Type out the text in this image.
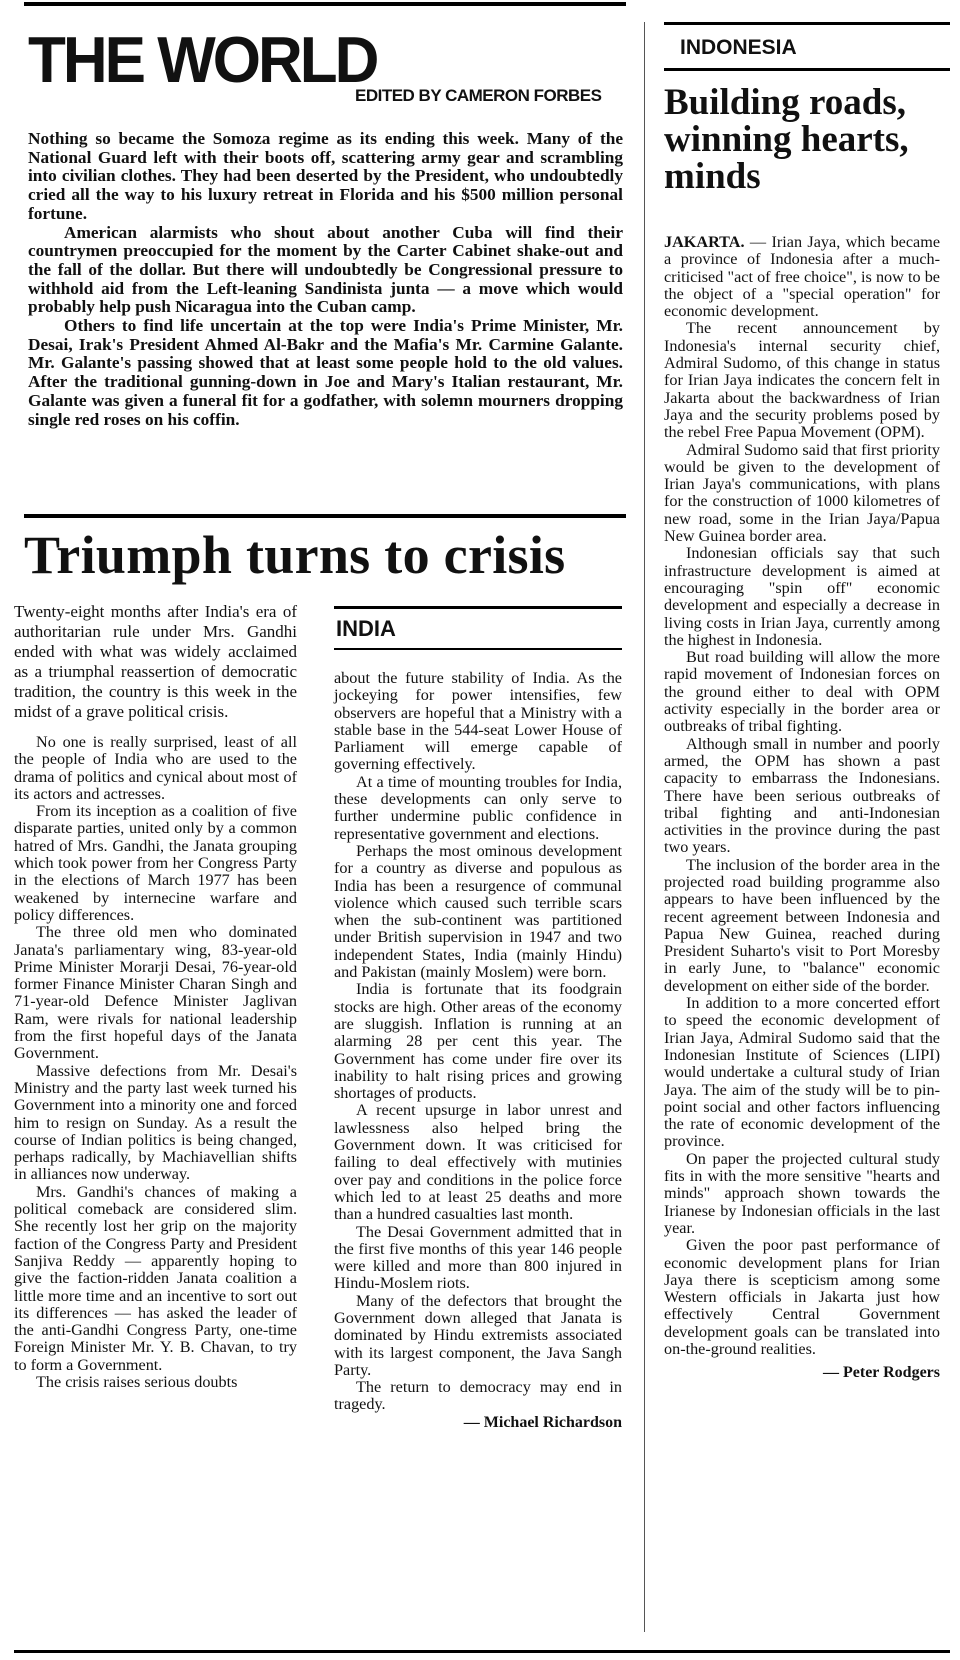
THE WORLD
EDITED BY CAMERON FORBES

Nothing so became the Somoza regime as its ending this week. Many of the National Guard left with their boots off, scattering army gear and scrambling into civilian clothes. They had been deserted by the President, who undoubtedly cried all the way to his luxury retreat in Florida and his $500 million personal fortune.

American alarmists who shout about another Cuba will find their countrymen preoccupied for the moment by the Carter Cabinet shake-out and the fall of the dollar. But there will undoubtedly be Congressional pressure to withhold aid from the Left-leaning Sandinista junta — a move which would probably help push Nicaragua into the Cuban camp.

Others to find life uncertain at the top were India's Prime Minister, Mr. Desai, Irak's President Ahmed Al-Bakr and the Mafia's Mr. Carmine Galante. Mr. Galante's passing showed that at least some people hold to the old values. After the traditional gunning-down in Joe and Mary's Italian restaurant, Mr. Galante was given a funeral fit for a godfather, with solemn mourners dropping single red roses on his coffin.

Triumph turns to crisis

Twenty-eight months after India's era of authoritarian rule under Mrs. Gandhi ended with what was widely acclaimed as a triumphal reassertion of democratic tradition, the country is this week in the midst of a grave political crisis.

No one is really surprised, least of all the people of India who are used to the drama of politics and cynical about most of its actors and actresses.

From its inception as a coalition of five disparate parties, united only by a common hatred of Mrs. Gandhi, the Janata grouping which took power from her Congress Party in the elections of March 1977 has been weakened by internecine warfare and policy differences.

The three old men who dominated Janata's parliamentary wing, 83-year-old Prime Minister Morarji Desai, 76-year-old former Finance Minister Charan Singh and 71-year-old Defence Minister Jaglivan Ram, were rivals for national leadership from the first hopeful days of the Janata Government.

Massive defections from Mr. Desai's Ministry and the party last week turned his Government into a minority one and forced him to resign on Sunday. As a result the course of Indian politics is being changed, perhaps radically, by Machiavellian shifts in alliances now underway.

Mrs. Gandhi's chances of making a political comeback are considered slim. She recently lost her grip on the majority faction of the Congress Party and President Sanjiva Reddy — apparently hoping to give the faction-ridden Janata coalition a little more time and an incentive to sort out its differences — has asked the leader of the anti-Gandhi Congress Party, one-time Foreign Minister Mr. Y. B. Chavan, to try to form a Government.

The crisis raises serious doubts

INDIA

about the future stability of India. As the jockeying for power intensifies, few observers are hopeful that a Ministry with a stable base in the 544-seat Lower House of Parliament will emerge capable of governing effectively.

At a time of mounting troubles for India, these developments can only serve to further undermine public confidence in representative government and elections.

Perhaps the most ominous development for a country as diverse and populous as India has been a resurgence of communal violence which caused such terrible scars when the sub-continent was partitioned under British supervision in 1947 and two independent States, India (mainly Hindu) and Pakistan (mainly Moslem) were born.

India is fortunate that its foodgrain stocks are high. Other areas of the economy are sluggish. Inflation is running at an alarming 28 per cent this year. The Government has come under fire over its inability to halt rising prices and growing shortages of products.

A recent upsurge in labor unrest and lawlessness also helped bring the Government down. It was criticised for failing to deal effectively with mutinies over pay and conditions in the police force which led to at least 25 deaths and more than a hundred casualties last month.

The Desai Government admitted that in the first five months of this year 146 people were killed and more than 800 injured in Hindu-Moslem riots.

Many of the defectors that brought the Government down alleged that Janata is dominated by Hindu extremists associated with its largest component, the Java Sangh Party.

The return to democracy may end in tragedy.

— Michael Richardson
INDONESIA
Building roads, winning hearts, minds

JAKARTA. — Irian Jaya, which became a province of Indonesia after a much-criticised "act of free choice", is now to be the object of a "special operation" for economic development.

The recent announcement by Indonesia's internal security chief, Admiral Sudomo, of this change in status for Irian Jaya indicates the concern felt in Jakarta about the backwardness of Irian Jaya and the security problems posed by the rebel Free Papua Movement (OPM).

Admiral Sudomo said that first priority would be given to the development of Irian Jaya's communications, with plans for the construction of 1000 kilometres of new road, some in the Irian Jaya/Papua New Guinea border area.

Indonesian officials say that such infrastructure development is aimed at encouraging "spin off" economic development and especially a decrease in living costs in Irian Jaya, currently among the highest in Indonesia.

But road building will allow the more rapid movement of Indonesian forces on the ground either to deal with OPM activity especially in the border area or outbreaks of tribal fighting.

Although small in number and poorly armed, the OPM has shown a past capacity to embarrass the Indonesians. There have been serious outbreaks of tribal fighting and anti-Indonesian activities in the province during the past two years.

The inclusion of the border area in the projected road building programme also appears to have been influenced by the recent agreement between Indonesia and Papua New Guinea, reached during President Suharto's visit to Port Moresby in early June, to "balance" economic development on either side of the border.

In addition to a more concerted effort to speed the economic development of Irian Jaya, Admiral Sudomo said that the Indonesian Institute of Sciences (LIPI) would undertake a cultural study of Irian Jaya. The aim of the study will be to pin-point social and other factors influencing the rate of economic development of the province.

On paper the projected cultural study fits in with the more sensitive "hearts and minds" approach shown towards the Irianese by Indonesian officials in the last year.

Given the poor past performance of economic development plans for Irian Jaya there is scepticism among some Western officials in Jakarta just how effectively Central Government development goals can be translated into on-the-ground realities.

— Peter Rodgers
